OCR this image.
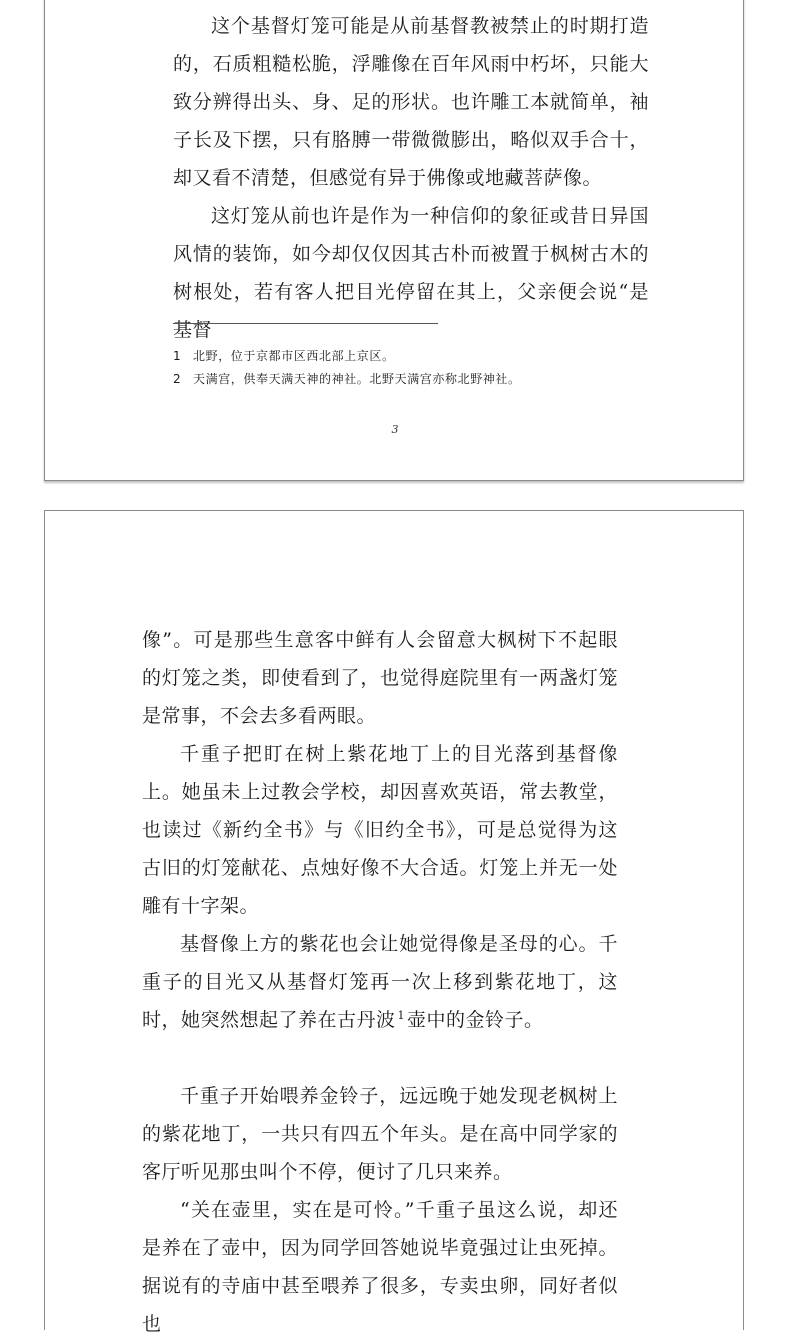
这个基督灯笼可能是从前基督教被禁止的时期打造的，石质粗糙松脆，浮雕像在百年风雨中朽坏，只能大致分辨得出头、身、足的形状。也许雕工本就简单，袖子长及下摆，只有胳膊一带微微膨出，略似双手合十，却又看不清楚，但感觉有异于佛像或地藏菩萨像。

这灯笼从前也许是作为一种信仰的象征或昔日异国风情的装饰，如今却仅仅因其古朴而被置于枫树古木的树根处，若有客人把目光停留在其上，父亲便会说“是基督

1 北野，位于京都市区西北部上京区。
2 天满宫，供奉天满天神的神社。北野天满宫亦称北野神社。
3

像”。可是那些生意客中鲜有人会留意大枫树下不起眼的灯笼之类，即使看到了，也觉得庭院里有一两盏灯笼是常事，不会去多看两眼。

千重子把盯在树上紫花地丁上的目光落到基督像上。她虽未上过教会学校，却因喜欢英语，常去教堂，也读过《新约全书》与《旧约全书》，可是总觉得为这古旧的灯笼献花、点烛好像不大合适。灯笼上并无一处雕有十字架。

基督像上方的紫花也会让她觉得像是圣母的心。千重子的目光又从基督灯笼再一次上移到紫花地丁，这时，她突然想起了养在古丹波 $^1$ 壶中的金铃子。

千重子开始喂养金铃子，远远晚于她发现老枫树上的紫花地丁，一共只有四五个年头。是在高中同学家的客厅听见那虫叫个不停，便讨了几只来养。

“关在壶里，实在是可怜。”千重子虽这么说，却还是养在了壶中，因为同学回答她说毕竟强过让虫死掉。据说有的寺庙中甚至喂养了很多，专卖虫卵，同好者似也
